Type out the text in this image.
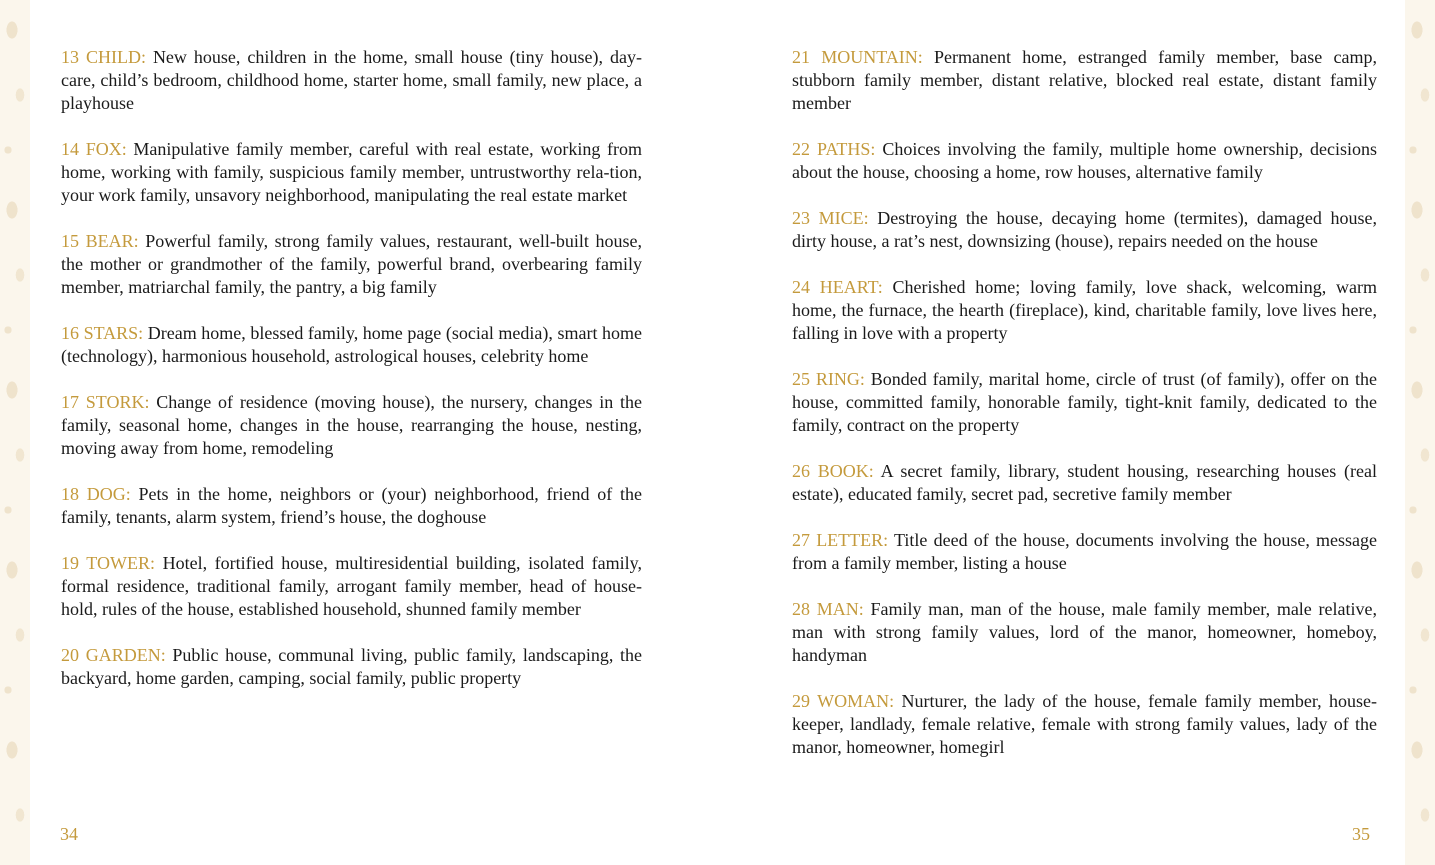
13 CHILD: New house, children in the home, small house (tiny house), day-care, child’s bedroom, childhood home, starter home, small family, new place, a playhouse

14 FOX: Manipulative family member, careful with real estate, working from home, working with family, suspicious family member, untrustworthy rela-tion, your work family, unsavory neighborhood, manipulating the real estate market

15 BEAR: Powerful family, strong family values, restaurant, well-built house, the mother or grandmother of the family, powerful brand, overbearing family member, matriarchal family, the pantry, a big family

16 STARS: Dream home, blessed family, home page (social media), smart home (technology), harmonious household, astrological houses, celebrity home

17 STORK: Change of residence (moving house), the nursery, changes in the family, seasonal home, changes in the house, rearranging the house, nesting, moving away from home, remodeling

18 DOG: Pets in the home, neighbors or (your) neighborhood, friend of the family, tenants, alarm system, friend’s house, the doghouse

19 TOWER: Hotel, fortified house, multiresidential building, isolated family, formal residence, traditional family, arrogant family member, head of house-hold, rules of the house, established household, shunned family member

20 GARDEN: Public house, communal living, public family, landscaping, the backyard, home garden, camping, social family, public property

21 MOUNTAIN: Permanent home, estranged family member, base camp, stubborn family member, distant relative, blocked real estate, distant family member

22 PATHS: Choices involving the family, multiple home ownership, decisions about the house, choosing a home, row houses, alternative family

23 MICE: Destroying the house, decaying home (termites), damaged house, dirty house, a rat’s nest, downsizing (house), repairs needed on the house

24 HEART: Cherished home; loving family, love shack, welcoming, warm home, the furnace, the hearth (fireplace), kind, charitable family, love lives here, falling in love with a property

25 RING: Bonded family, marital home, circle of trust (of family), offer on the house, committed family, honorable family, tight-knit family, dedicated to the family, contract on the property

26 BOOK: A secret family, library, student housing, researching houses (real estate), educated family, secret pad, secretive family member

27 LETTER: Title deed of the house, documents involving the house, message from a family member, listing a house

28 MAN: Family man, man of the house, male family member, male relative, man with strong family values, lord of the manor, homeowner, homeboy, handyman

29 WOMAN: Nurturer, the lady of the house, female family member, house-keeper, landlady, female relative, female with strong family values, lady of the manor, homeowner, homegirl

34	35
